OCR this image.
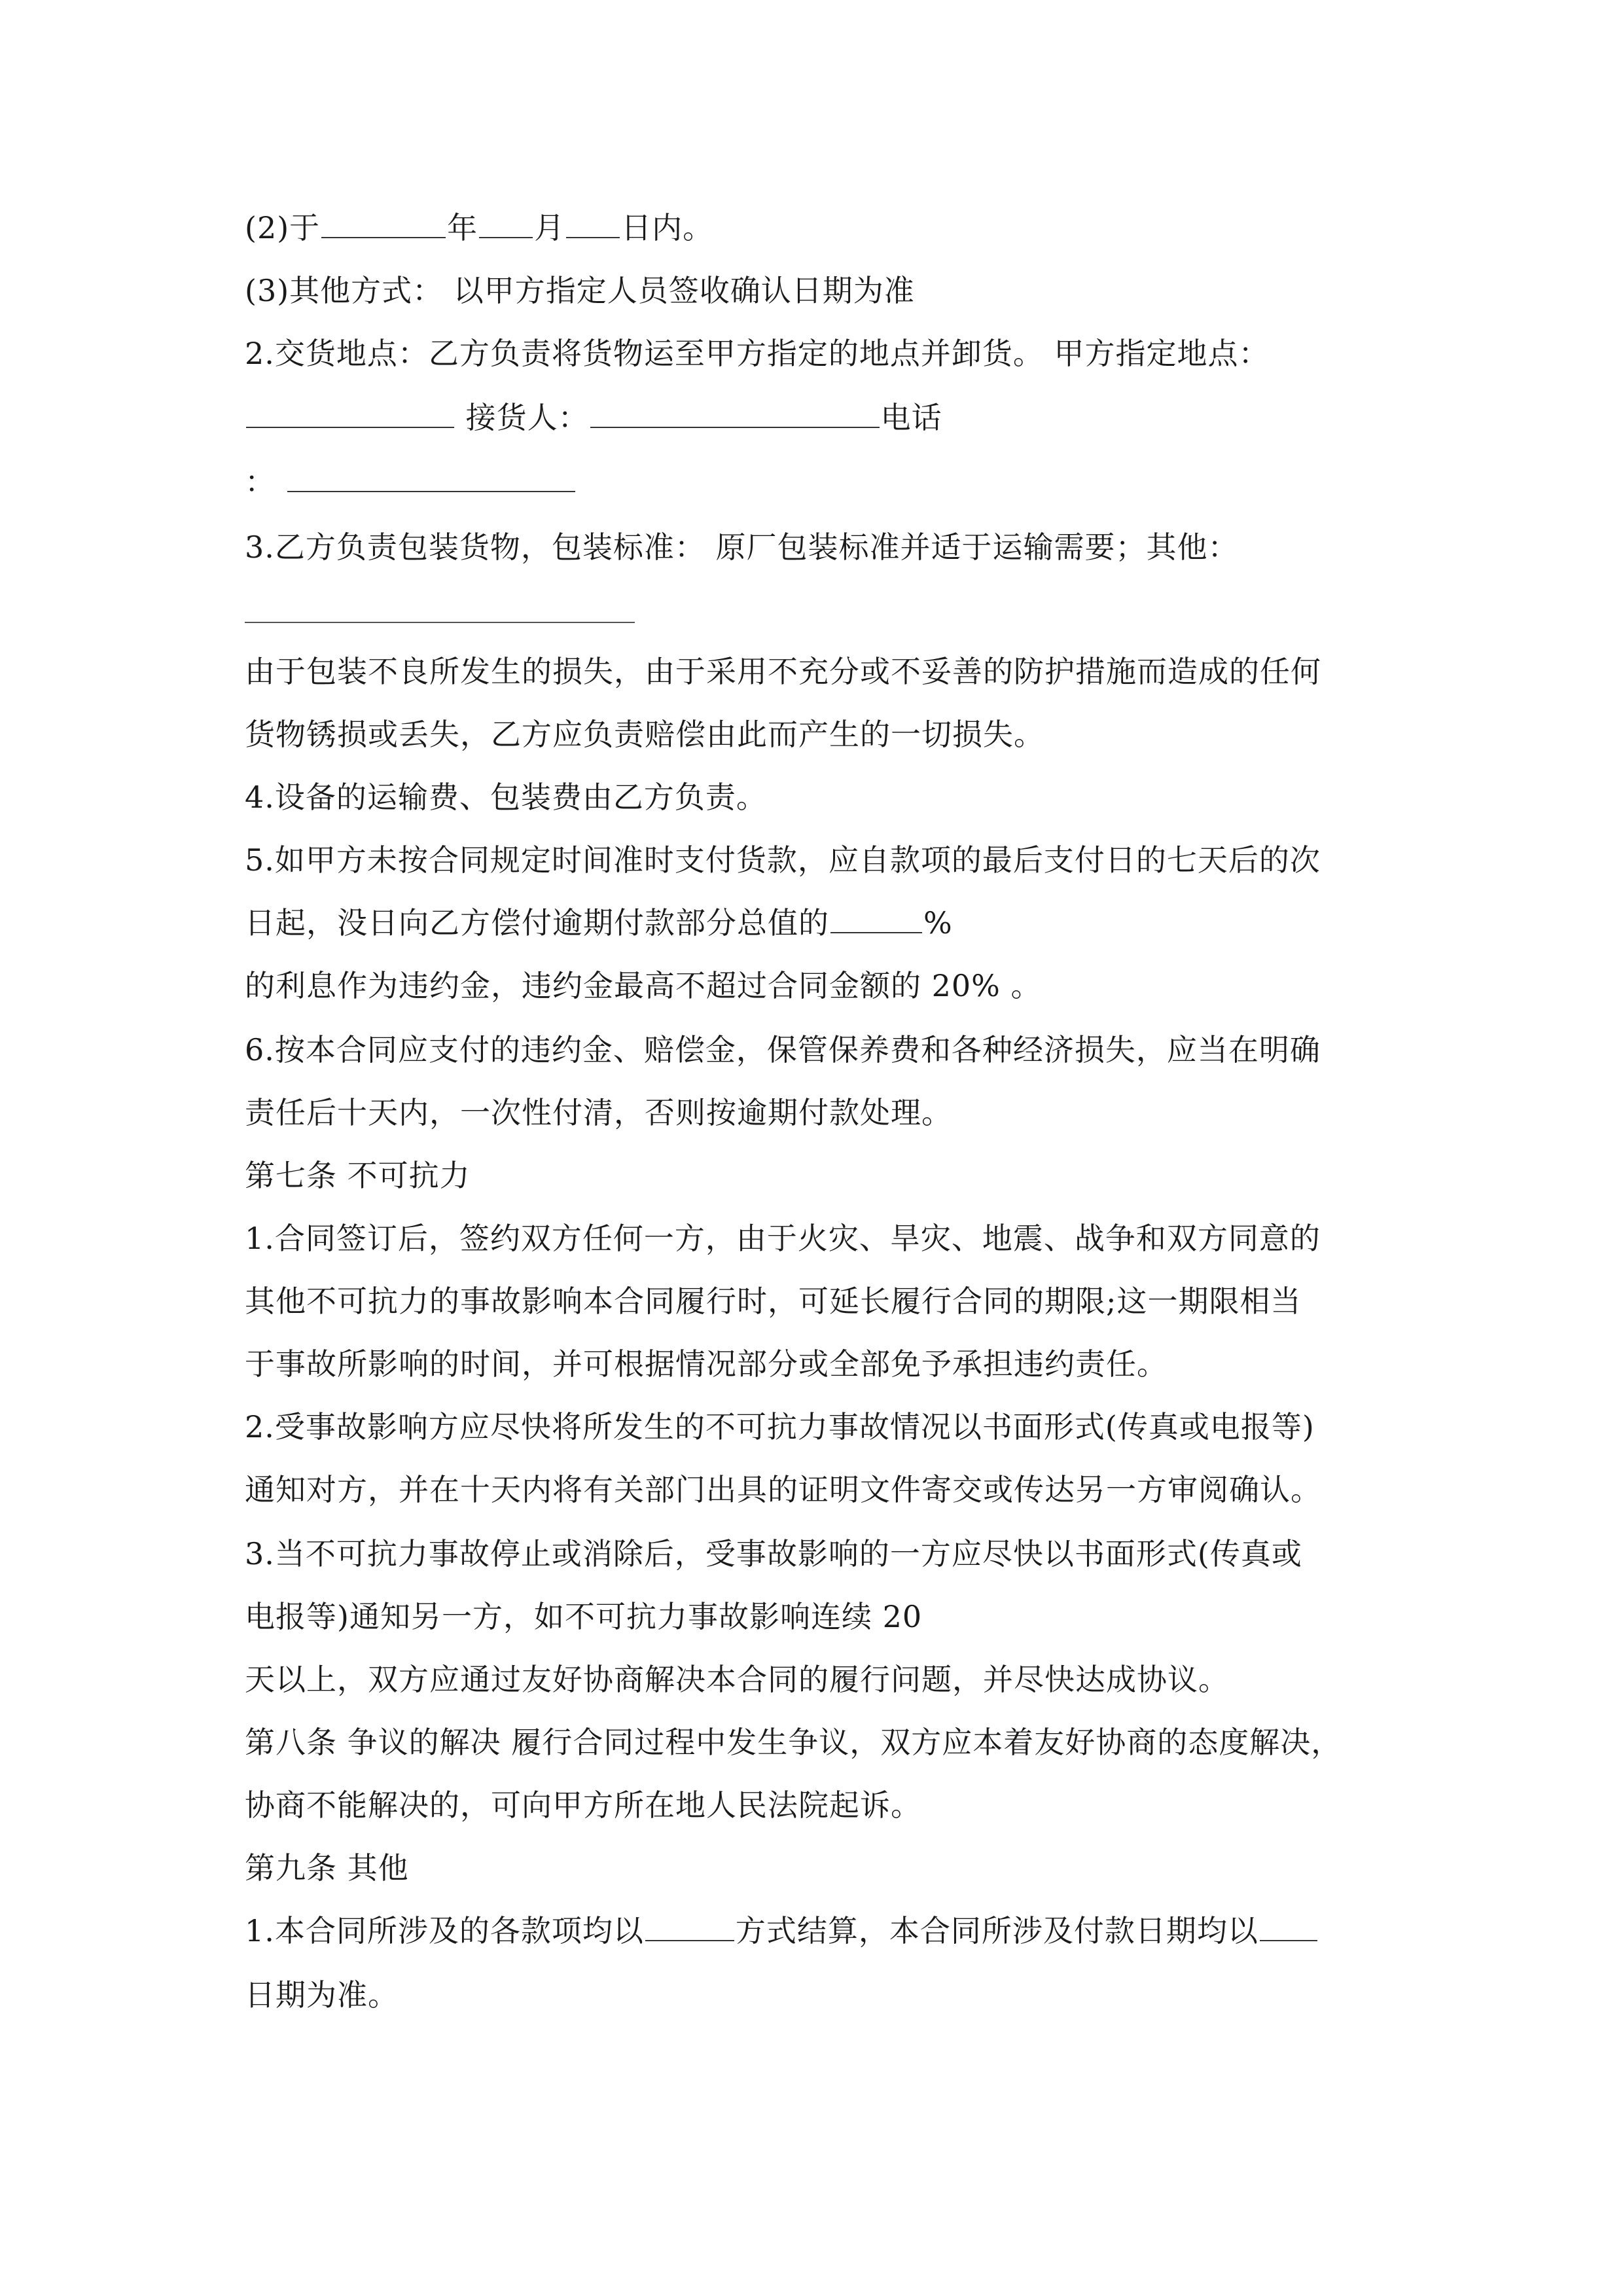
(2)于	年 月 日内。
(3)其他方式： 以甲方指定人员签收确认日期为准
2.交货地点：乙方负责将货物运至甲方指定的地点并卸货。 甲方指定地点：
接货人：	电话
：
3.乙方负责包装货物，包装标准： 原厂包装标准并适于运输需要；其他：
由于包装不良所发生的损失，由于采用不充分或不妥善的防护措施而造成的任何
货物锈损或丢失，乙方应负责赔偿由此而产生的一切损失。
4.设备的运输费、包装费由乙方负责。
5.如甲方未按合同规定时间准时支付货款，应自款项的最后支付日的七天后的次
日起，没日向乙方偿付逾期付款部分总值的	%
的利息作为违约金，违约金最高不超过合同金额的 20% 。
6.按本合同应支付的违约金、赔偿金，保管保养费和各种经济损失，应当在明确
责任后十天内，一次性付清，否则按逾期付款处理。
第七条 不可抗力
1.合同签订后，签约双方任何一方，由于火灾、旱灾、地震、战争和双方同意的
其他不可抗力的事故影响本合同履行时，可延长履行合同的期限;这一期限相当
于事故所影响的时间，并可根据情况部分或全部免予承担违约责任。
2.受事故影响方应尽快将所发生的不可抗力事故情况以书面形式(传真或电报等)
通知对方，并在十天内将有关部门出具的证明文件寄交或传达另一方审阅确认。
3.当不可抗力事故停止或消除后，受事故影响的一方应尽快以书面形式(传真或
电报等)通知另一方，如不可抗力事故影响连续 20
天以上，双方应通过友好协商解决本合同的履行问题，并尽快达成协议。
第八条 争议的解决 履行合同过程中发生争议，双方应本着友好协商的态度解决，
协商不能解决的，可向甲方所在地人民法院起诉。
第九条 其他
1.本合同所涉及的各款项均以	方式结算，本合同所涉及付款日期均以
日期为准。
